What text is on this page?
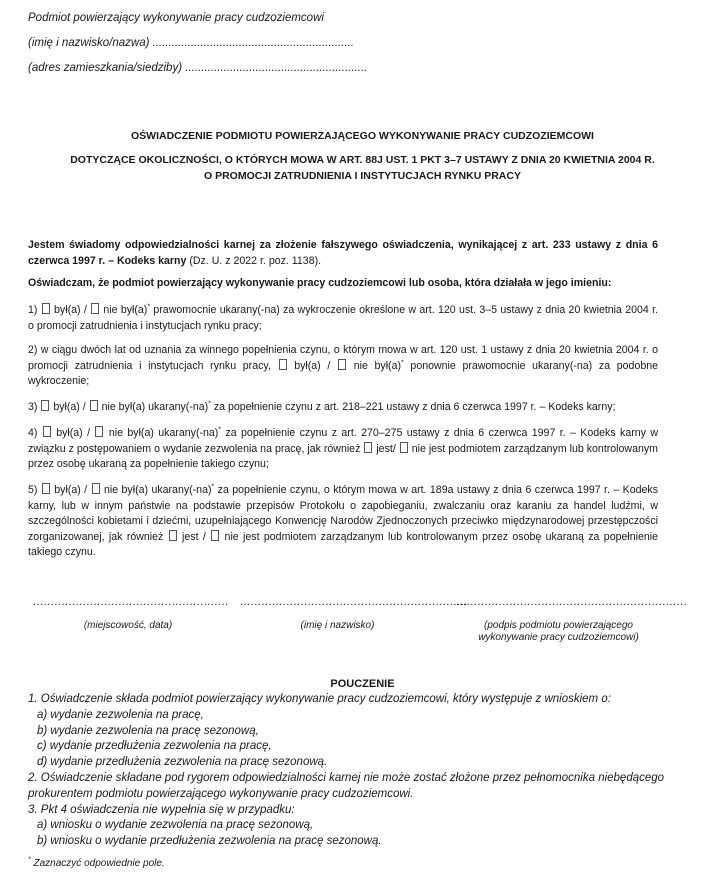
Podmiot powierzający wykonywanie pracy cudzoziemcowi

(imię i nazwisko/nazwa) ...............................................................

(adres zamieszkania/siedziby) .........................................................

OŚWIADCZENIE PODMIOTU POWIERZAJĄCEGO WYKONYWANIE PRACY CUDZOZIEMCOWI

DOTYCZĄCE OKOLICZNOŚCI, O KTÓRYCH MOWA W ART. 88J UST. 1 PKT 3–7 USTAWY Z DNIA 20 KWIETNIA 2004 R.

O PROMOCJI ZATRUDNIENIA I INSTYTUCJACH RYNKU PRACY

Jestem świadomy odpowiedzialności karnej za złożenie fałszywego oświadczenia, wynikającej z art. 233 ustawy z dnia 6 czerwca 1997 r. – Kodeks karny (Dz. U. z 2022 r. poz. 1138).

Oświadczam, że podmiot powierzający wykonywanie pracy cudzoziemcowi lub osoba, która działała w jego imieniu:

1)  był(a) /  nie był(a)* prawomocnie ukarany(-na) za wykroczenie określone w art. 120 ust. 3–5 ustawy z dnia 20 kwietnia 2004 r. o promocji zatrudnienia i instytucjach rynku pracy;

2) w ciągu dwóch lat od uznania za winnego popełnienia czynu, o którym mowa w art. 120 ust. 1 ustawy z dnia 20 kwietnia 2004 r. o promocji zatrudnienia i instytucjach rynku pracy,  był(a) /  nie był(a)* ponownie prawomocnie ukarany(-na) za podobne wykroczenie;

3)  był(a) /  nie był(a) ukarany(-na)* za popełnienie czynu z art. 218–221 ustawy z dnia 6 czerwca 1997 r. – Kodeks karny;

4)  był(a) /  nie był(a) ukarany(-na)* za popełnienie czynu z art. 270–275 ustawy z dnia 6 czerwca 1997 r. – Kodeks karny w związku z postępowaniem o wydanie zezwolenia na pracę, jak również  jest/  nie jest podmiotem zarządzanym lub kontrolowanym przez osobę ukaraną za popełnienie takiego czynu;

5)  był(a) /  nie był(a) ukarany(-na)* za popełnienie czynu, o którym mowa w art. 189a ustawy z dnia 6 czerwca 1997 r. – Kodeks karny, lub w innym państwie na podstawie przepisów Protokołu o zapobieganiu, zwalczaniu oraz karaniu za handel ludźmi, w szczególności kobietami i dziećmi, uzupełniającego Konwencję Narodów Zjednoczonych przeciwko międzynarodowej przestępczości zorganizowanej, jak również  jest /  nie jest podmiotem zarządzanym lub kontrolowanym przez osobę ukaraną za popełnienie takiego czynu.

....................................................... ................................................................

.................................................................

(miejscowość, data)	(imię i nazwisko)	(podpis podmiotu powierzającego

wykonywanie pracy cudzoziemcowi)

POUCZENIE

1. Oświadczenie składa podmiot powierzający wykonywanie pracy cudzoziemcowi, który występuje z wnioskiem o:
a) wydanie zezwolenia na pracę,
b) wydanie zezwolenia na pracę sezonową,
c) wydanie przedłużenia zezwolenia na pracę,
d) wydanie przedłużenia zezwolenia na pracę sezonową.
2. Oświadczenie składane pod rygorem odpowiedzialności karnej nie może zostać złożone przez pełnomocnika niebędącego
prokurentem podmiotu powierzającego wykonywanie pracy cudzoziemcowi.
3. Pkt 4 oświadczenia nie wypełnia się w przypadku:
a) wniosku o wydanie zezwolenia na pracę sezonową,
b) wniosku o wydanie przedłużenia zezwolenia na pracę sezonową.

* Zaznaczyć odpowiednie pole.
